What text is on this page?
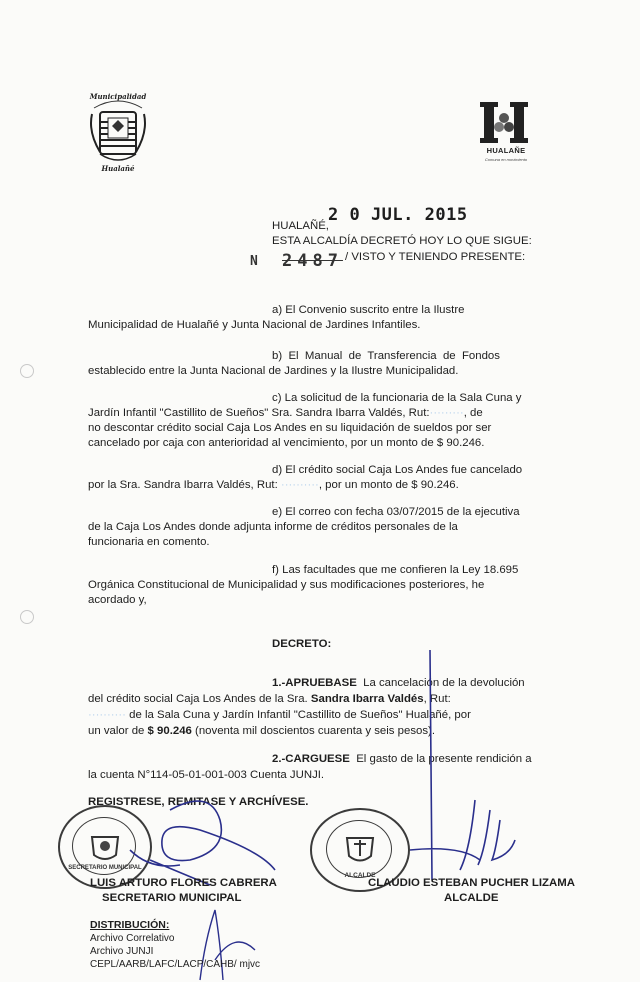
Municipalidad
Hualañé
HUALAÑE
Comuna en movimiento
HUALAÑÉ,
2 0 JUL. 2015
ESTA ALCALDÍA DECRETÓ HOY LO QUE SIGUE:
N 2487 / VISTO Y TENIENDO PRESENTE:
a) El Convenio suscrito entre la Ilustre
Municipalidad de Hualañé y Junta Nacional de Jardines Infantiles.
b)  El  Manual  de  Transferencia  de  Fondos
establecido entre la Junta Nacional de Jardines y la Ilustre Municipalidad.
c) La solicitud de la funcionaria de la Sala Cuna y
Jardín Infantil "Castillito de Sueños" Sra. Sandra Ibarra Valdés, Rut:·········, de
no descontar crédito social Caja Los Andes en su liquidación de sueldos por ser
cancelado por caja con anterioridad al vencimiento, por un monto de $ 90.246.
d) El crédito social Caja Los Andes fue cancelado
por la Sra. Sandra Ibarra Valdés, Rut: ··········, por un monto de $ 90.246.
e) El correo con fecha 03/07/2015 de la ejecutiva
de la Caja Los Andes donde adjunta informe de créditos personales de la
funcionaria en comento.
f) Las facultades que me confieren la Ley 18.695
Orgánica Constitucional de Municipalidad y sus modificaciones posteriores, he
acordado y,
DECRETO:
1.-APRUEBASE La cancelación de la devolución
del crédito social Caja Los Andes de la Sra. Sandra Ibarra Valdés, Rut:
·········· de la Sala Cuna y Jardín Infantil "Castillito de Sueños" Hualañé, por
un valor de $ 90.246 (noventa mil doscientos cuarenta y seis pesos).
2.-CARGUESE El gasto de la presente rendición a
la cuenta N°114-05-01-001-003 Cuenta JUNJI.
REGISTRESE, REMITASE Y ARCHÍVESE.
SECRETARIO MUNICIPAL
ALCALDE
LUIS ARTURO FLORES CABRERA
SECRETARIO MUNICIPAL
CLAUDIO ESTEBAN PUCHER LIZAMA
ALCALDE
DISTRIBUCIÓN:
Archivo Correlativo
Archivo JUNJI
CEPL/AARB/LAFC/LACP/CAHB/ mjvc
